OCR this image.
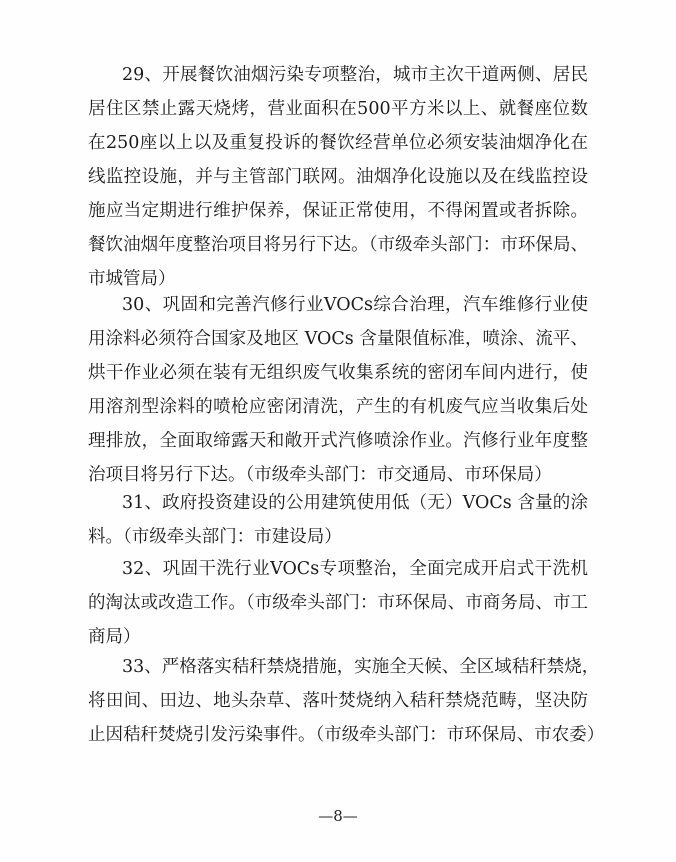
29、开展餐饮油烟污染专项整治，城市主次干道两侧、居民
居住区禁止露天烧烤，营业面积在500平方米以上、就餐座位数
在250座以上以及重复投诉的餐饮经营单位必须安装油烟净化在
线监控设施，并与主管部门联网。油烟净化设施以及在线监控设
施应当定期进行维护保养，保证正常使用，不得闲置或者拆除。
餐饮油烟年度整治项目将另行下达。（市级牵头部门：市环保局、
市城管局）
30、巩固和完善汽修行业VOCs综合治理，汽车维修行业使
用涂料必须符合国家及地区 VOCs 含量限值标准，喷涂、流平、
烘干作业必须在装有无组织废气收集系统的密闭车间内进行，使
用溶剂型涂料的喷枪应密闭清洗，产生的有机废气应当收集后处
理排放，全面取缔露天和敞开式汽修喷涂作业。汽修行业年度整
治项目将另行下达。（市级牵头部门：市交通局、市环保局）
31、政府投资建设的公用建筑使用低（无）VOCs 含量的涂
料。（市级牵头部门：市建设局）
32、巩固干洗行业VOCs专项整治，全面完成开启式干洗机
的淘汰或改造工作。（市级牵头部门：市环保局、市商务局、市工
商局）
33、严格落实秸秆禁烧措施，实施全天候、全区域秸秆禁烧，
将田间、田边、地头杂草、落叶焚烧纳入秸秆禁烧范畴，坚决防
止因秸秆焚烧引发污染事件。（市级牵头部门：市环保局、市农委）
—8—
